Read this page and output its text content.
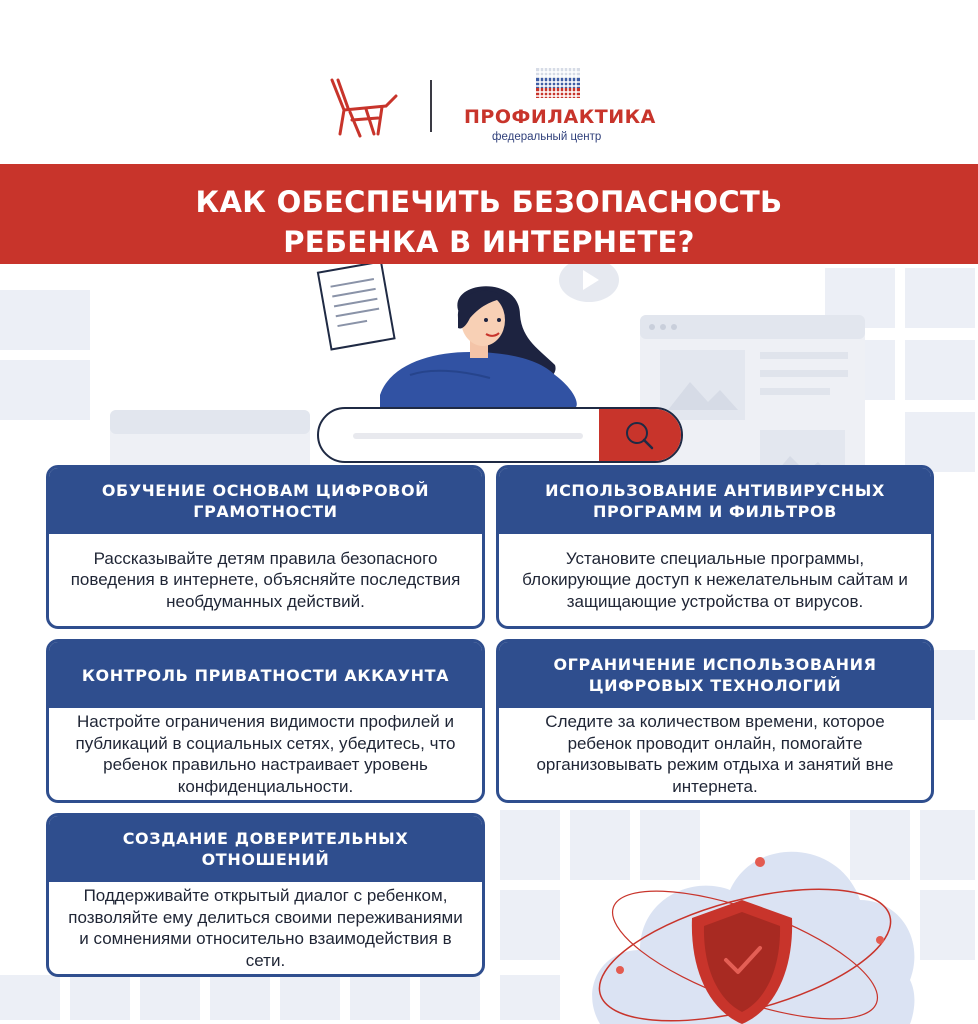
ПРОФИЛАКТИКА
федеральный центр
КАК ОБЕСПЕЧИТЬ БЕЗОПАСНОСТЬ
РЕБЕНКА В ИНТЕРНЕТЕ?
ОБУЧЕНИЕ ОСНОВАМ ЦИФРОВОЙ ГРАМОТНОСТИ
Рассказывайте детям правила безопасного поведения в интернете, объясняйте последствия необдуманных действий.
ИСПОЛЬЗОВАНИЕ АНТИВИРУСНЫХ ПРОГРАММ И ФИЛЬТРОВ
Установите специальные программы, блокирующие доступ к нежелательным сайтам и защищающие устройства от вирусов.
КОНТРОЛЬ ПРИВАТНОСТИ АККАУНТА
Настройте ограничения видимости профилей и публикаций в социальных сетях, убедитесь, что ребенок правильно настраивает уровень конфиденциальности.
ОГРАНИЧЕНИЕ ИСПОЛЬЗОВАНИЯ ЦИФРОВЫХ ТЕХНОЛОГИЙ
Следите за количеством времени, которое ребенок проводит онлайн, помогайте организовывать режим отдыха и занятий вне интернета.
СОЗДАНИЕ ДОВЕРИТЕЛЬНЫХ ОТНОШЕНИЙ
Поддерживайте открытый диалог с ребенком, позволяйте ему делиться своими переживаниями и сомнениями относительно взаимодействия в сети.
